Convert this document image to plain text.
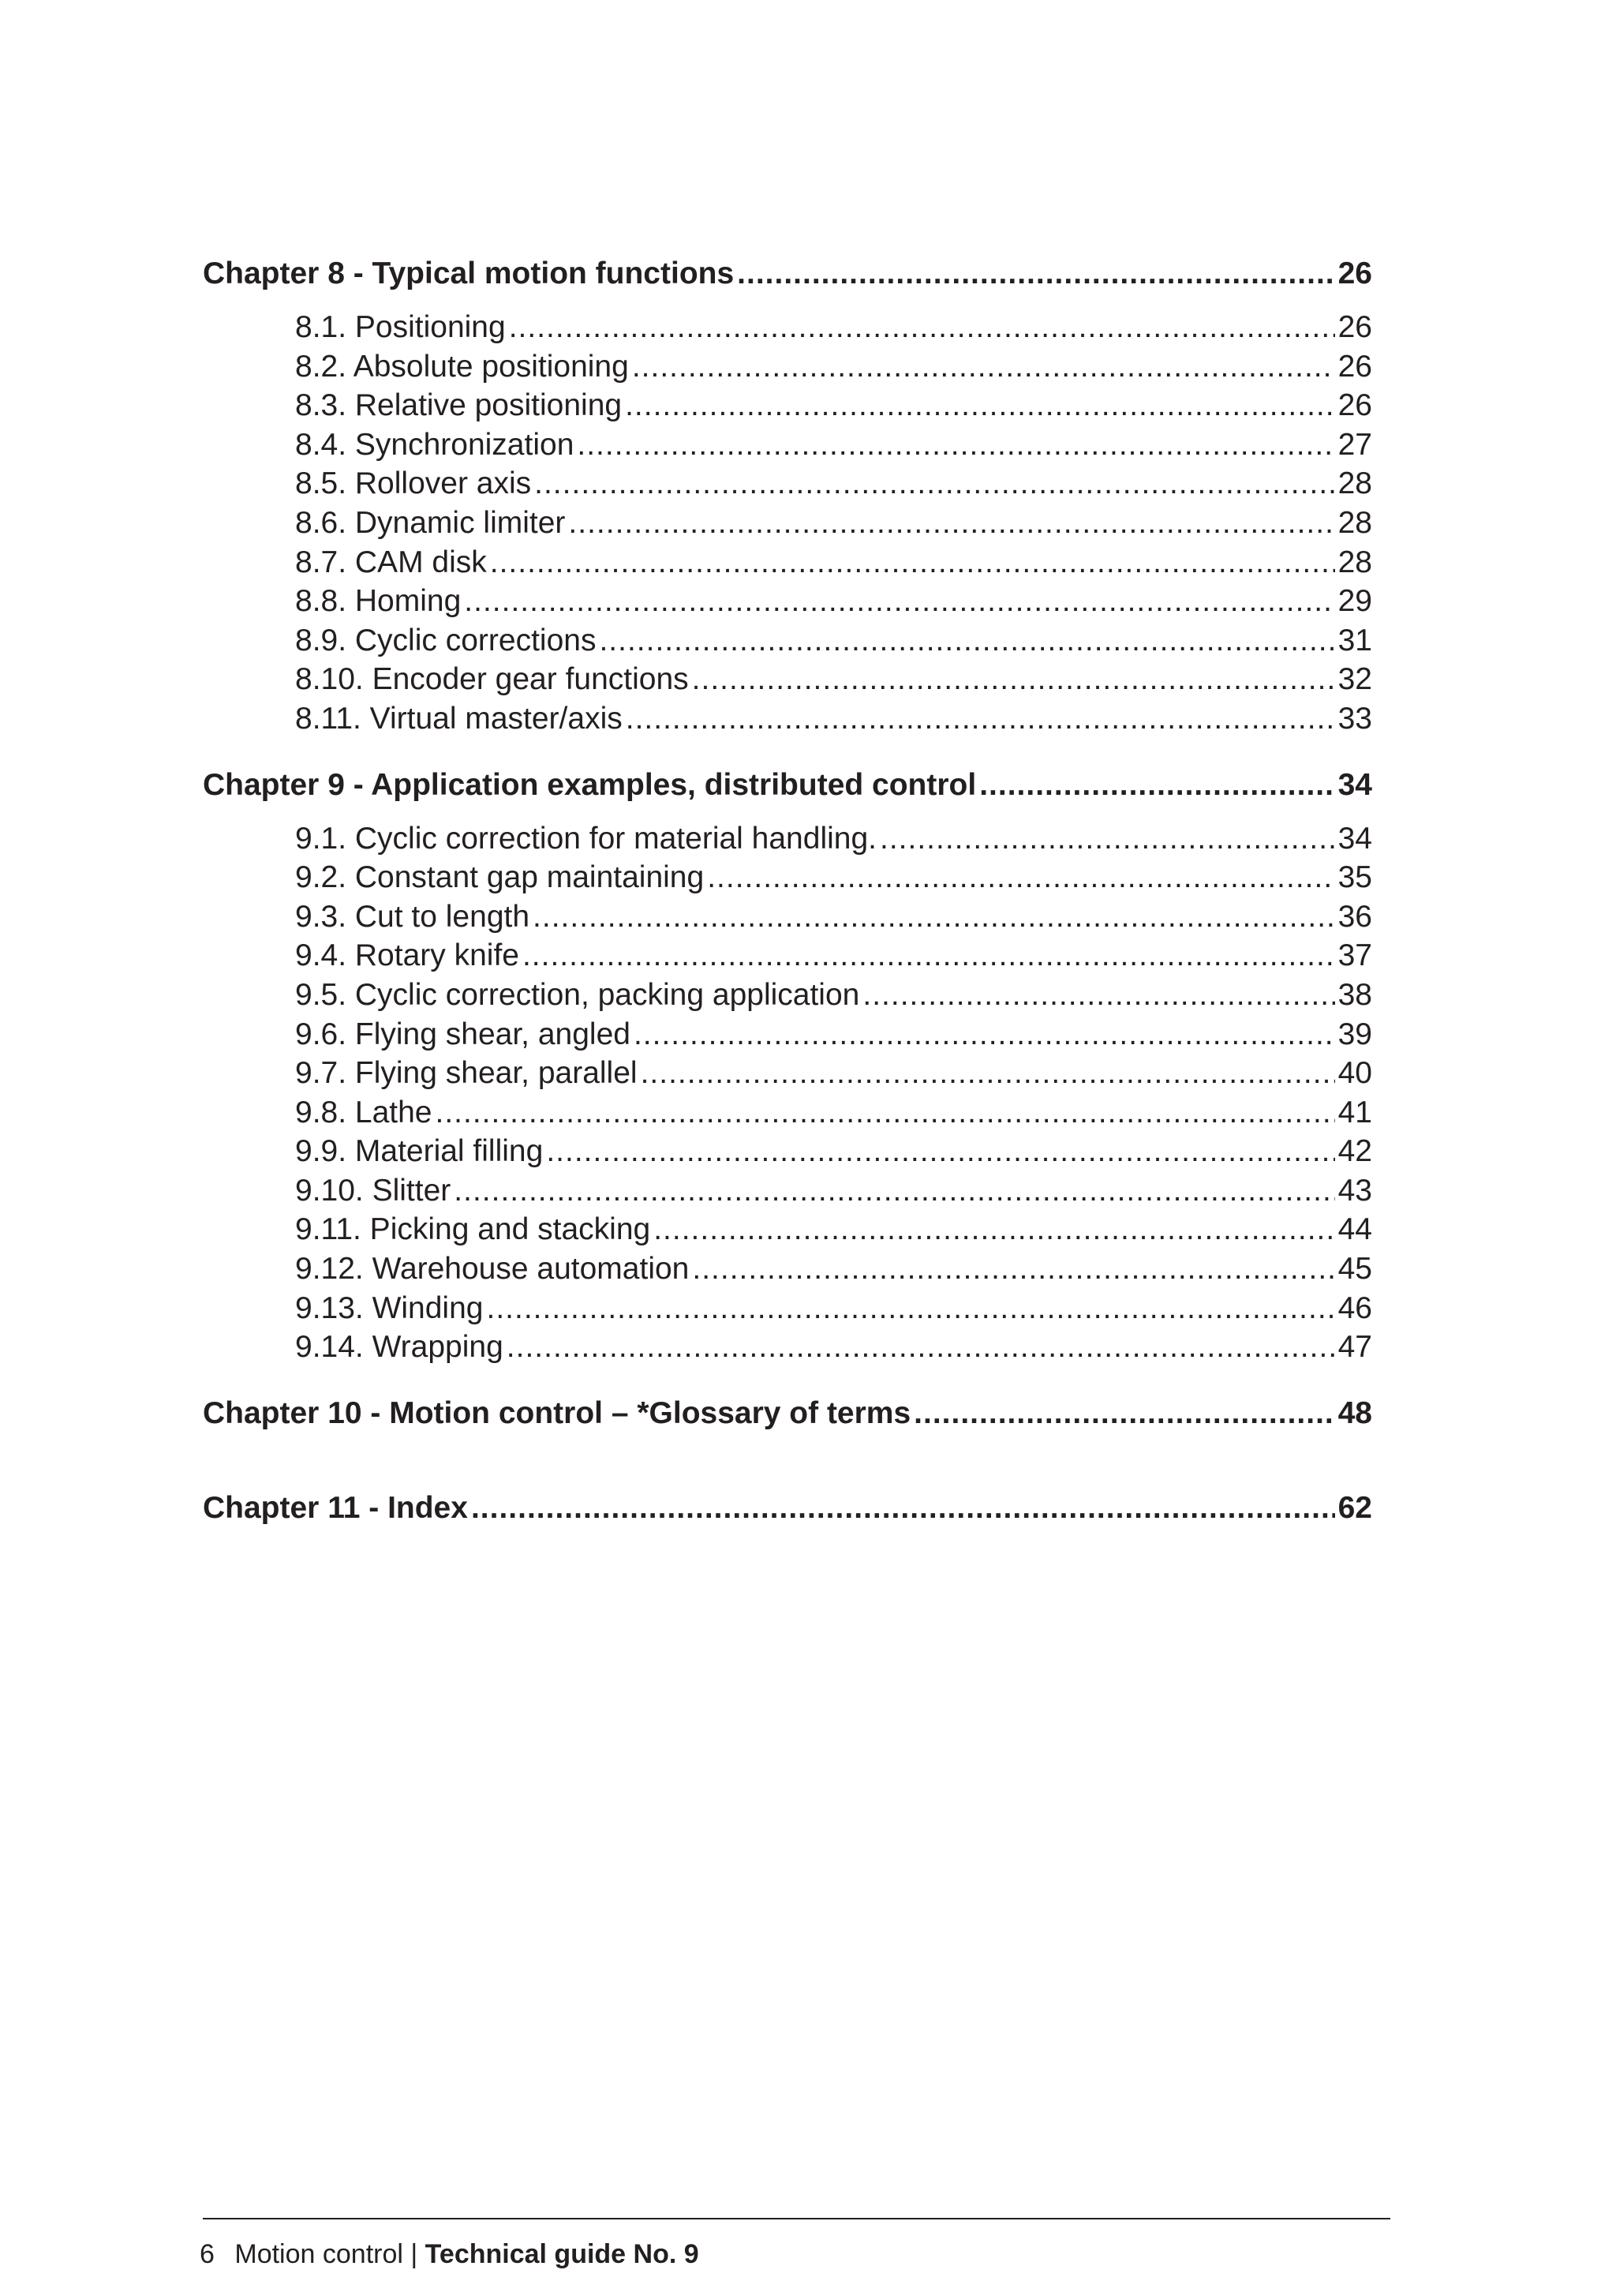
Chapter 8 - Typical motion functions .....	26
8.1. Positioning .....	26
8.2. Absolute positioning .....	26
8.3. Relative positioning .....	26
8.4. Synchronization .....	27
8.5. Rollover axis .....	28
8.6. Dynamic limiter .....	28
8.7. CAM disk .....	28
8.8. Homing .....	29
8.9. Cyclic corrections .....	31
8.10. Encoder gear functions .....	32
8.11. Virtual master/axis .....	33
Chapter 9 - Application examples, distributed control .....	34
9.1. Cyclic correction for material handling. .....	34
9.2. Constant gap maintaining .....	35
9.3. Cut to length .....	36
9.4. Rotary knife .....	37
9.5. Cyclic correction, packing application .....	38
9.6. Flying shear, angled .....	39
9.7. Flying shear, parallel .....	40
9.8. Lathe .....	41
9.9. Material filling .....	42
9.10. Slitter .....	43
9.11. Picking and stacking .....	44
9.12. Warehouse automation .....	45
9.13. Winding .....	46
9.14. Wrapping .....	47
Chapter 10 - Motion control – *Glossary of terms .....	48
Chapter 11 - Index .....	62
6 Motion control | Technical guide No. 9
